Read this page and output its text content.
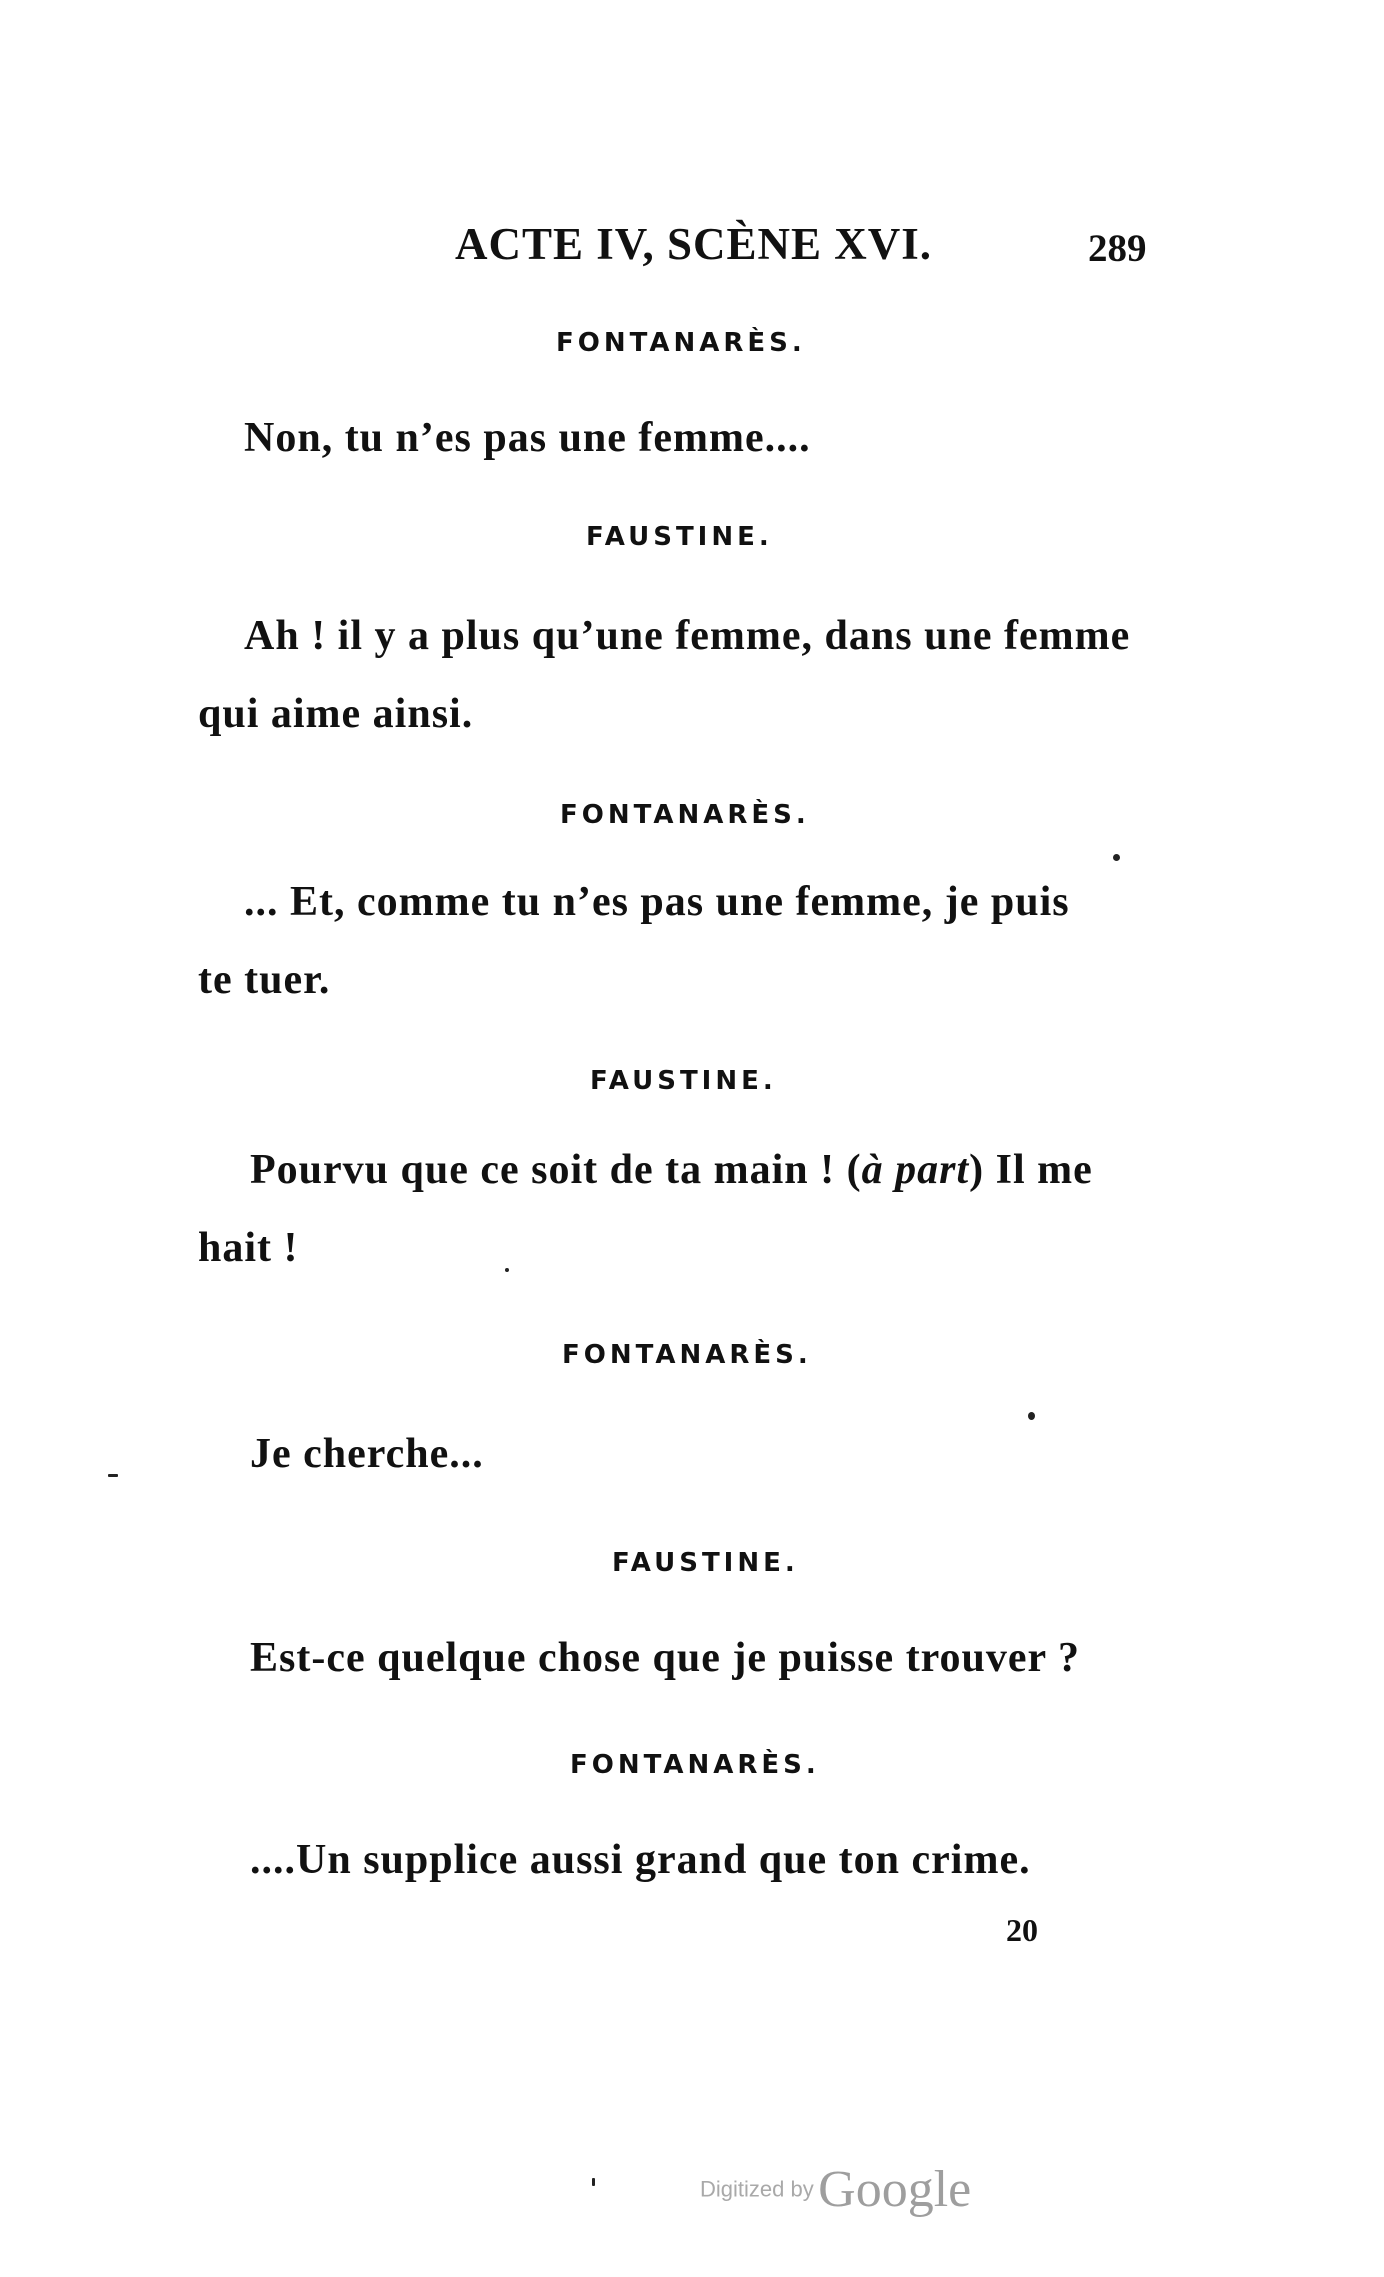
ACTE IV, SCÈNE XVI.	289
FONTANARÈS.
Non, tu n’es pas une femme....
FAUSTINE.
Ah ! il y a plus qu’une femme, dans une femme
qui aime ainsi.
FONTANARÈS.
... Et, comme tu n’es pas une femme, je puis
te tuer.
FAUSTINE.
Pourvu que ce soit de ta main ! (à part) Il me
hait !
FONTANARÈS.
Je cherche...
FAUSTINE.
Est-ce quelque chose que je puisse trouver ?
FONTANARÈS.
....Un supplice aussi grand que ton crime.
20
Digitized by Google
